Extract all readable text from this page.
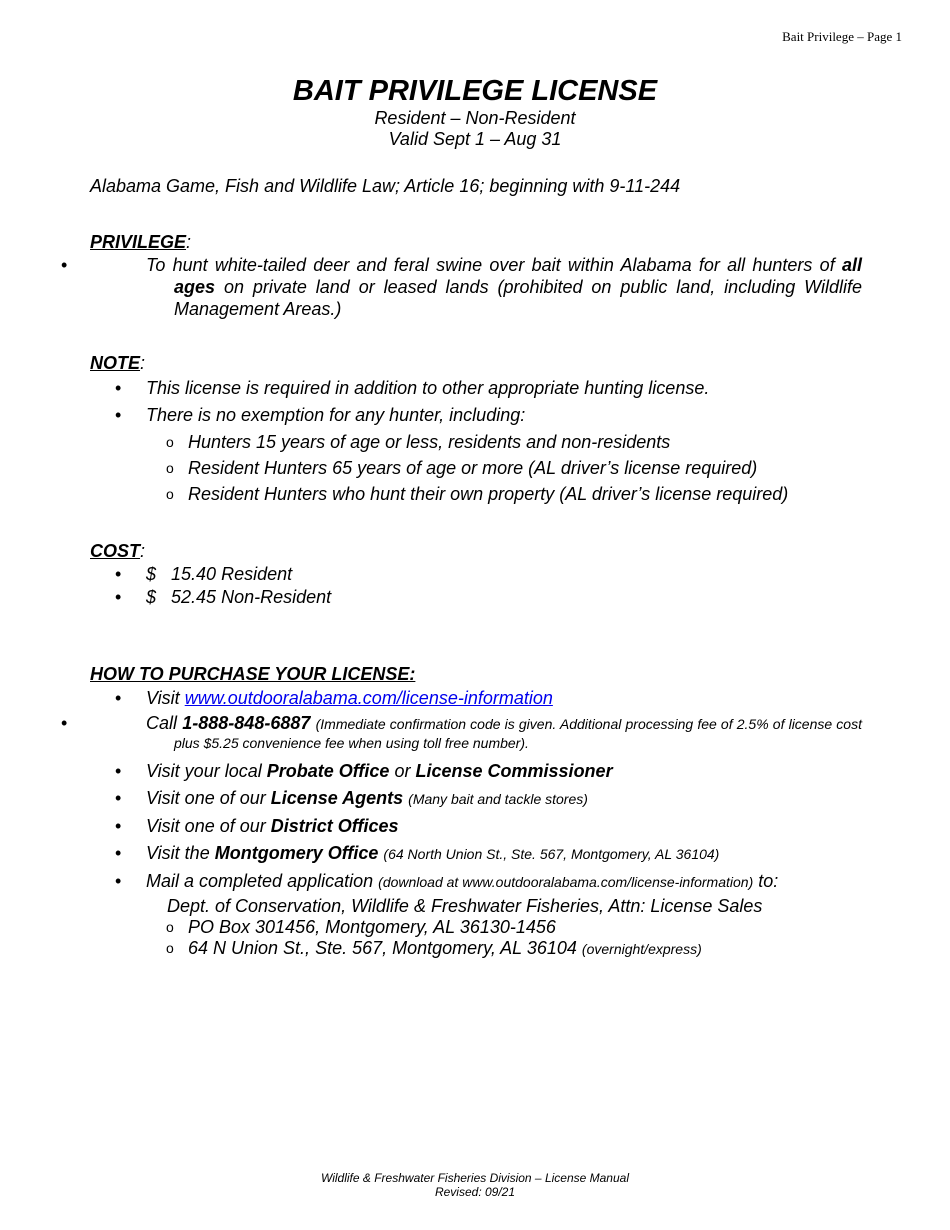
Bait Privilege – Page 1
BAIT PRIVILEGE LICENSE
Resident – Non-Resident
Valid Sept 1 – Aug 31
Alabama Game, Fish and Wildlife Law; Article 16; beginning with 9-11-244
PRIVILEGE:
•	To hunt white-tailed deer and feral swine over bait within Alabama for all hunters of all ages on private land or leased lands (prohibited on public land, including Wildlife Management Areas.)
NOTE:
• This license is required in addition to other appropriate hunting license.
• There is no exemption for any hunter, including:
o Hunters 15 years of age or less, residents and non-residents
o Resident Hunters 65 years of age or more (AL driver’s license required)
o Resident Hunters who hunt their own property (AL driver’s license required)
COST:
• $   15.40 Resident
• $   52.45 Non-Resident
HOW TO PURCHASE YOUR LICENSE:
• Visit www.outdooralabama.com/license-information
•	Call 1-888-848-6887 (Immediate confirmation code is given. Additional processing fee of 2.5% of license cost plus $5.25 convenience fee when using toll free number).
• Visit your local Probate Office or License Commissioner
• Visit one of our License Agents (Many bait and tackle stores)
• Visit one of our District Offices
• Visit the Montgomery Office (64 North Union St., Ste. 567, Montgomery, AL 36104)
• Mail a completed application (download at www.outdooralabama.com/license-information) to:
Dept. of Conservation, Wildlife & Freshwater Fisheries, Attn: License Sales
o PO Box 301456, Montgomery, AL 36130-1456
o 64 N Union St., Ste. 567, Montgomery, AL 36104 (overnight/express)
Wildlife & Freshwater Fisheries Division – License Manual
Revised: 09/21
